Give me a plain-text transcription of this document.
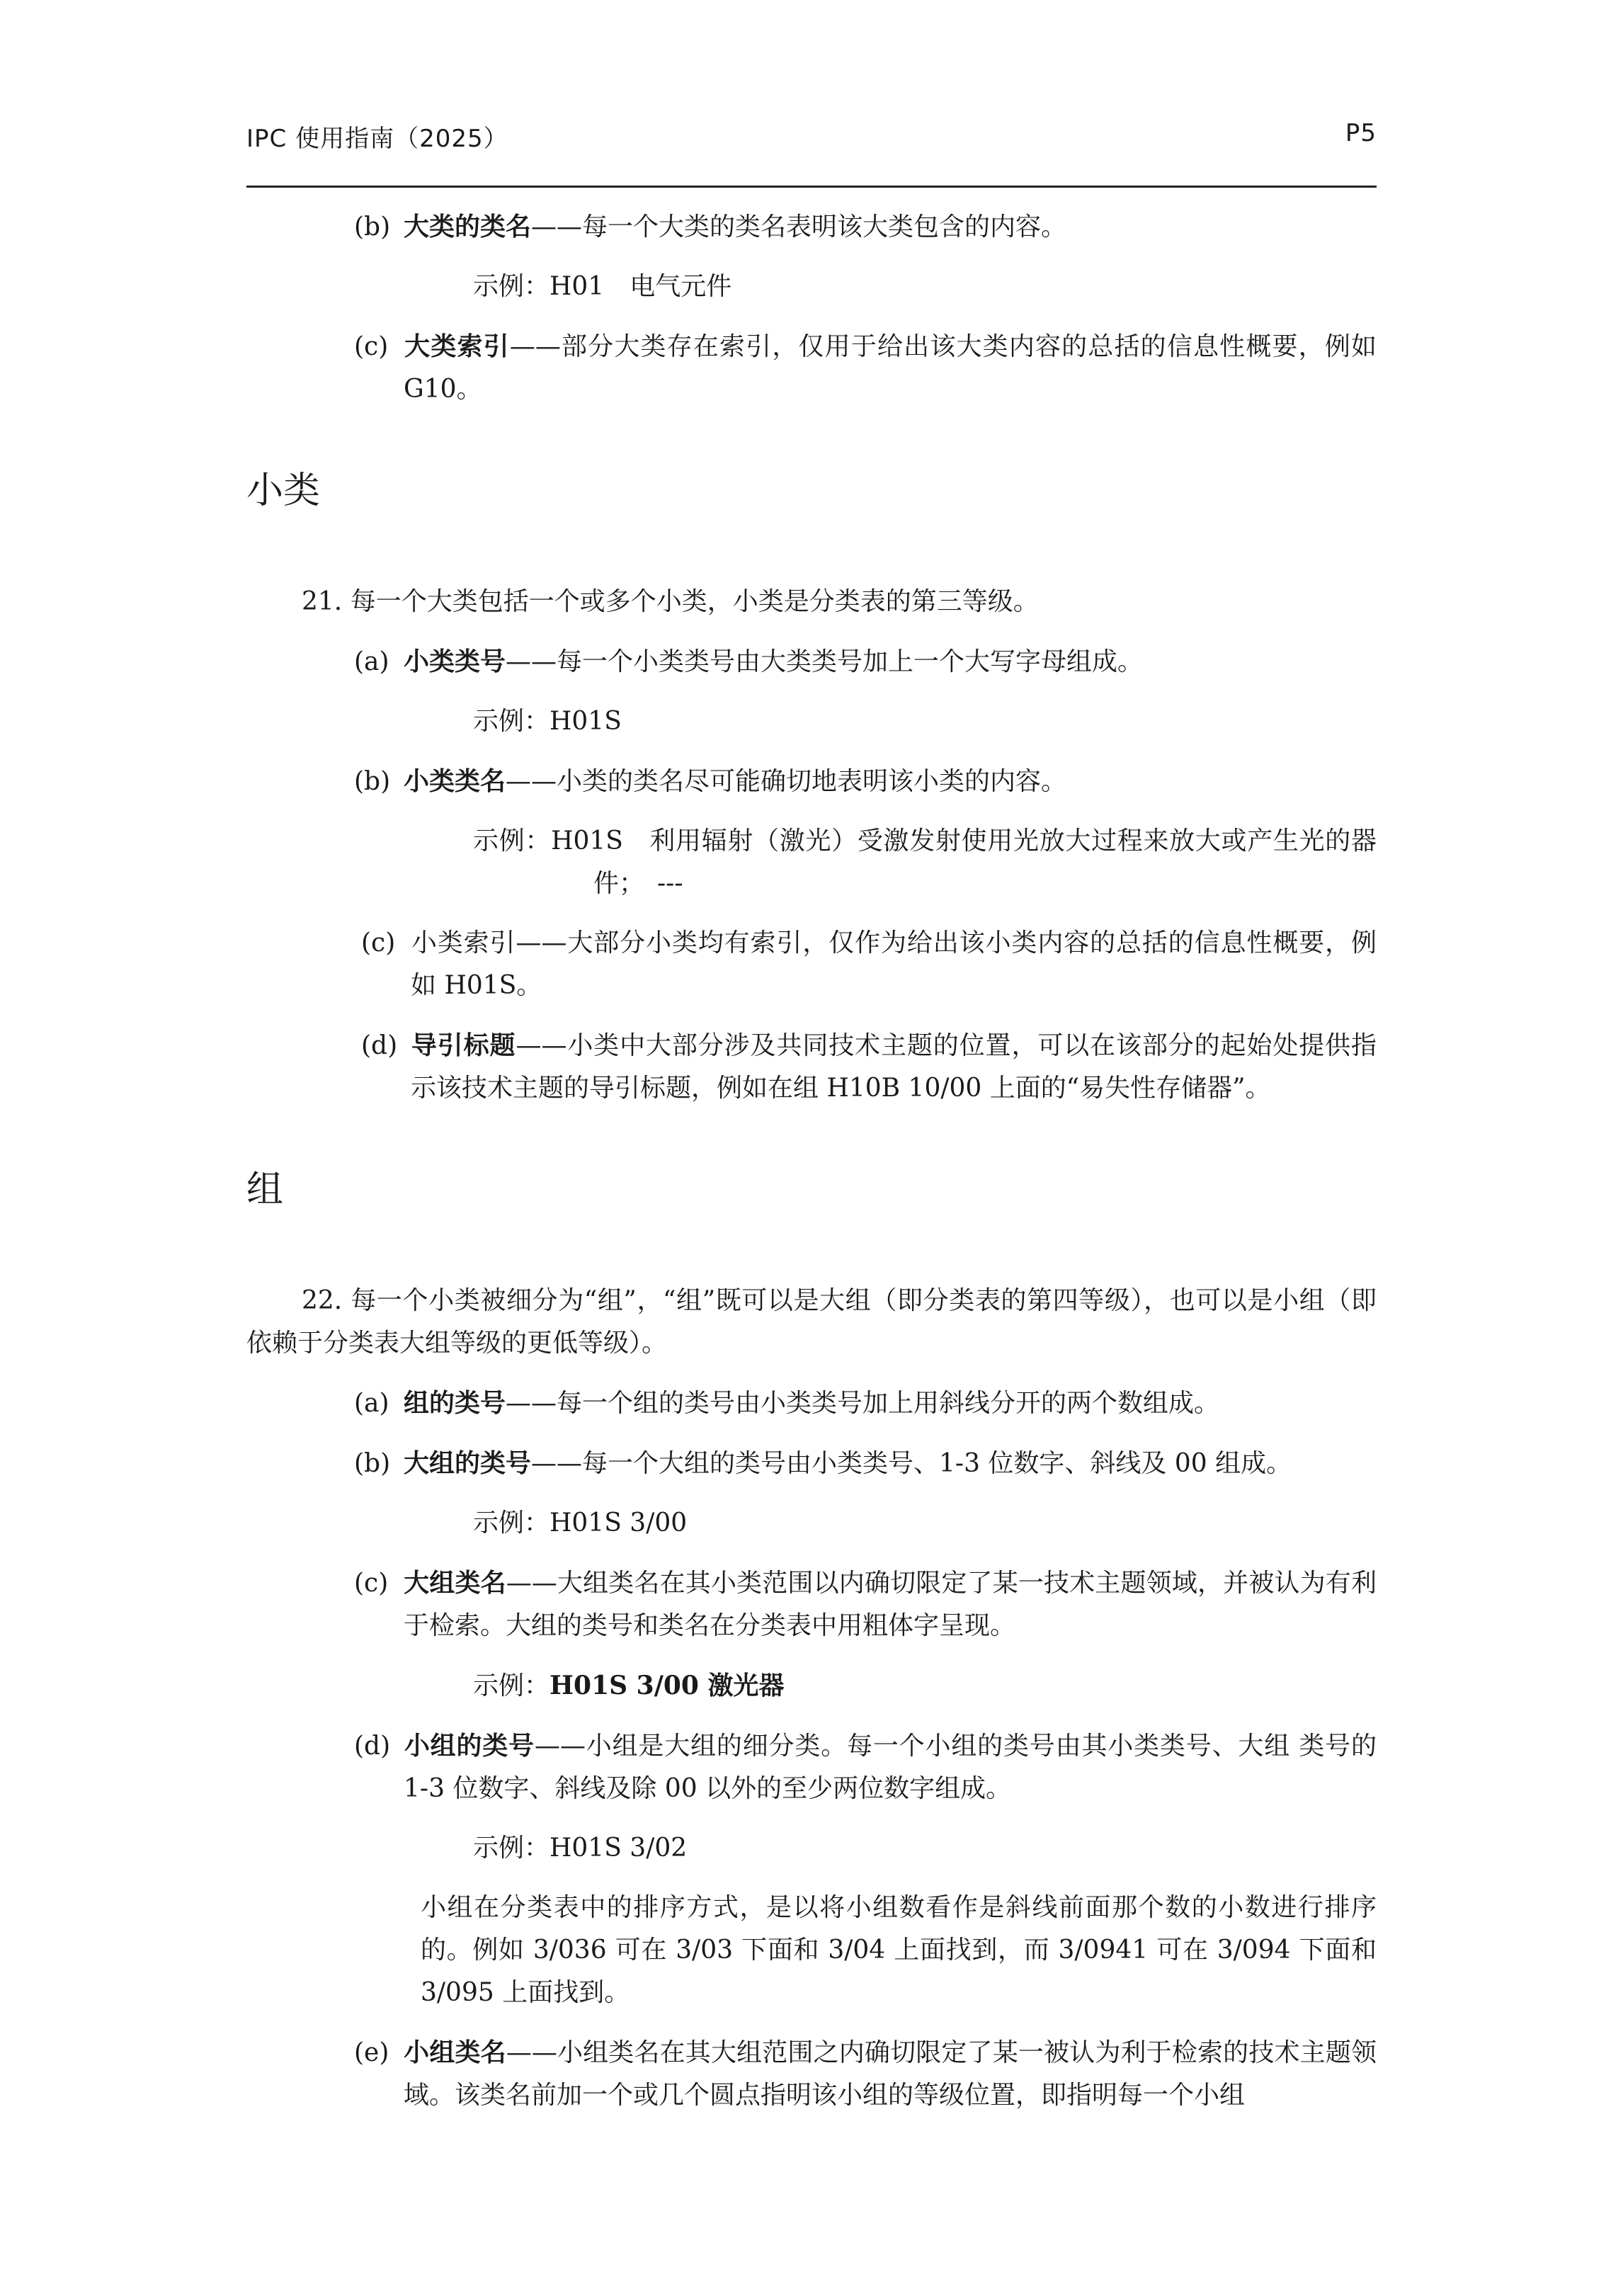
IPC 使用指南（2025）	P5

(b) 大类的类名——每一个大类的类名表明该大类包含的内容。

示例：H01　电气元件

(c) 大类索引——部分大类存在索引，仅用于给出该大类内容的总括的信息性概要，例如 G10。

小类

21. 每一个大类包括一个或多个小类，小类是分类表的第三等级。

(a) 小类类号——每一个小类类号由大类类号加上一个大写字母组成。

示例：H01S

(b) 小类类名——小类的类名尽可能确切地表明该小类的内容。

示例：H01S　利用辐射（激光）受激发射使用光放大过程来放大或产生光的器件；　---

(c) 小类索引——大部分小类均有索引，仅作为给出该小类内容的总括的信息性概要，例如 H01S。

(d) 导引标题——小类中大部分涉及共同技术主题的位置，可以在该部分的起始处提供指示该技术主题的导引标题，例如在组 H10B 10/00 上面的“易失性存储器”。

组

22. 每一个小类被细分为“组”，“组”既可以是大组（即分类表的第四等级），也可以是小组（即依赖于分类表大组等级的更低等级）。

(a) 组的类号——每一个组的类号由小类类号加上用斜线分开的两个数组成。

(b) 大组的类号——每一个大组的类号由小类类号、1-3 位数字、斜线及 00 组成。

示例：H01S 3/00

(c) 大组类名——大组类名在其小类范围以内确切限定了某一技术主题领域，并被认为有利于检索。大组的类号和类名在分类表中用粗体字呈现。

示例：H01S 3/00 激光器

(d) 小组的类号——小组是大组的细分类。每一个小组的类号由其小类类号、大组 类号的 1-3 位数字、斜线及除 00 以外的至少两位数字组成。

示例：H01S 3/02

小组在分类表中的排序方式，是以将小组数看作是斜线前面那个数的小数进行排序的。例如 3/036 可在 3/03 下面和 3/04 上面找到，而 3/0941 可在 3/094 下面和 3/095 上面找到。

(e) 小组类名——小组类名在其大组范围之内确切限定了某一被认为利于检索的技术主题领域。该类名前加一个或几个圆点指明该小组的等级位置，即指明每一个小组
